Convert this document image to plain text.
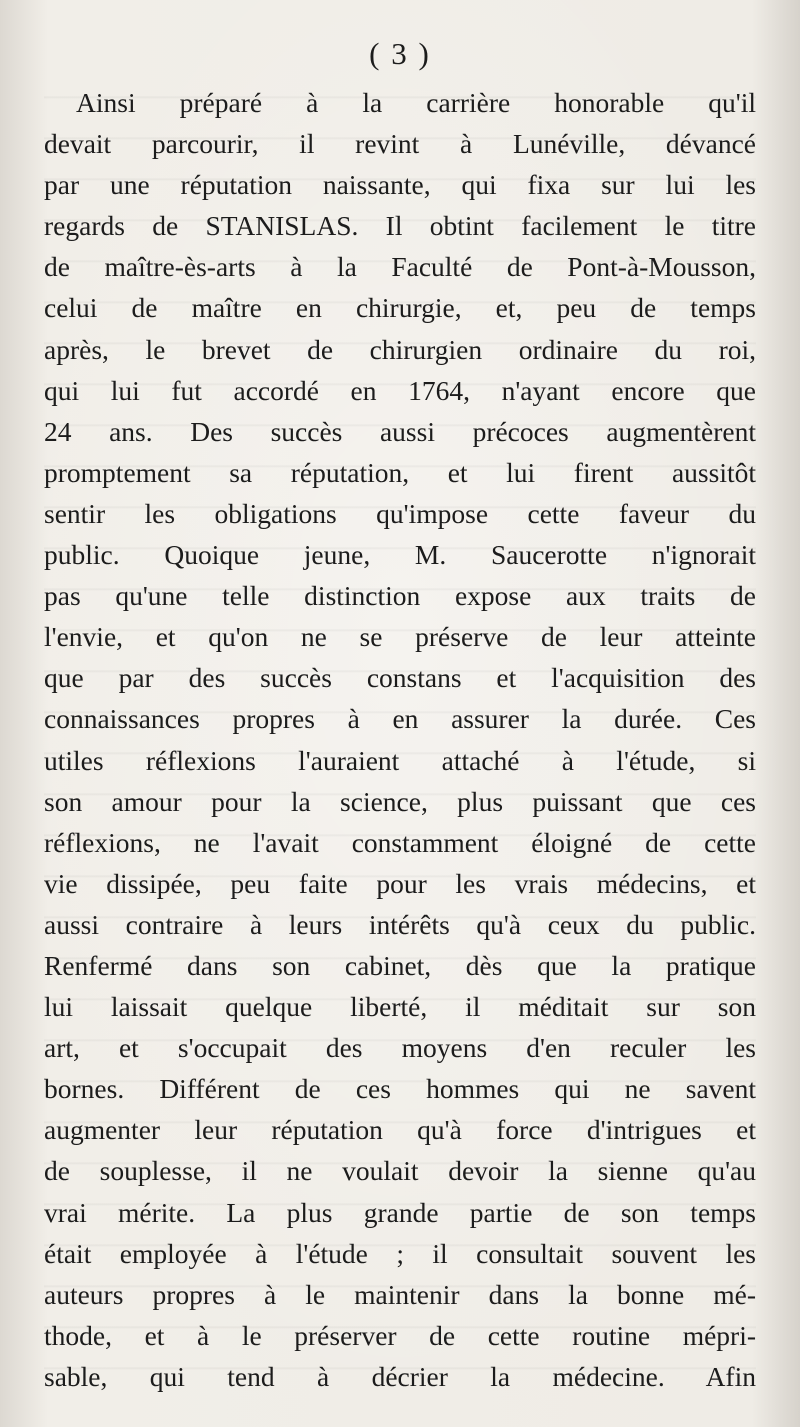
( 3 )
Ainsi préparé à la carrière honorable qu'il
devait parcourir, il revint à Lunéville, dévancé
par une réputation naissante, qui fixa sur lui les
regards de STANISLAS. Il obtint facilement le titre
de maître-ès-arts à la Faculté de Pont-à-Mousson,
celui de maître en chirurgie, et, peu de temps
après, le brevet de chirurgien ordinaire du roi,
qui lui fut accordé en 1764, n'ayant encore que
24 ans. Des succès aussi précoces augmentèrent
promptement sa réputation, et lui firent aussitôt
sentir les obligations qu'impose cette faveur du
public. Quoique jeune, M. Saucerotte n'ignorait
pas qu'une telle distinction expose aux traits de
l'envie, et qu'on ne se préserve de leur atteinte
que par des succès constans et l'acquisition des
connaissances propres à en assurer la durée. Ces
utiles réflexions l'auraient attaché à l'étude, si
son amour pour la science, plus puissant que ces
réflexions, ne l'avait constamment éloigné de cette
vie dissipée, peu faite pour les vrais médecins, et
aussi contraire à leurs intérêts qu'à ceux du public.
Renfermé dans son cabinet, dès que la pratique
lui laissait quelque liberté, il méditait sur son
art, et s'occupait des moyens d'en reculer les
bornes. Différent de ces hommes qui ne savent
augmenter leur réputation qu'à force d'intrigues et
de souplesse, il ne voulait devoir la sienne qu'au
vrai mérite. La plus grande partie de son temps
était employée à l'étude ; il consultait souvent les
auteurs propres à le maintenir dans la bonne mé-
thode, et à le préserver de cette routine mépri-
sable, qui tend à décrier la médecine. Afin
